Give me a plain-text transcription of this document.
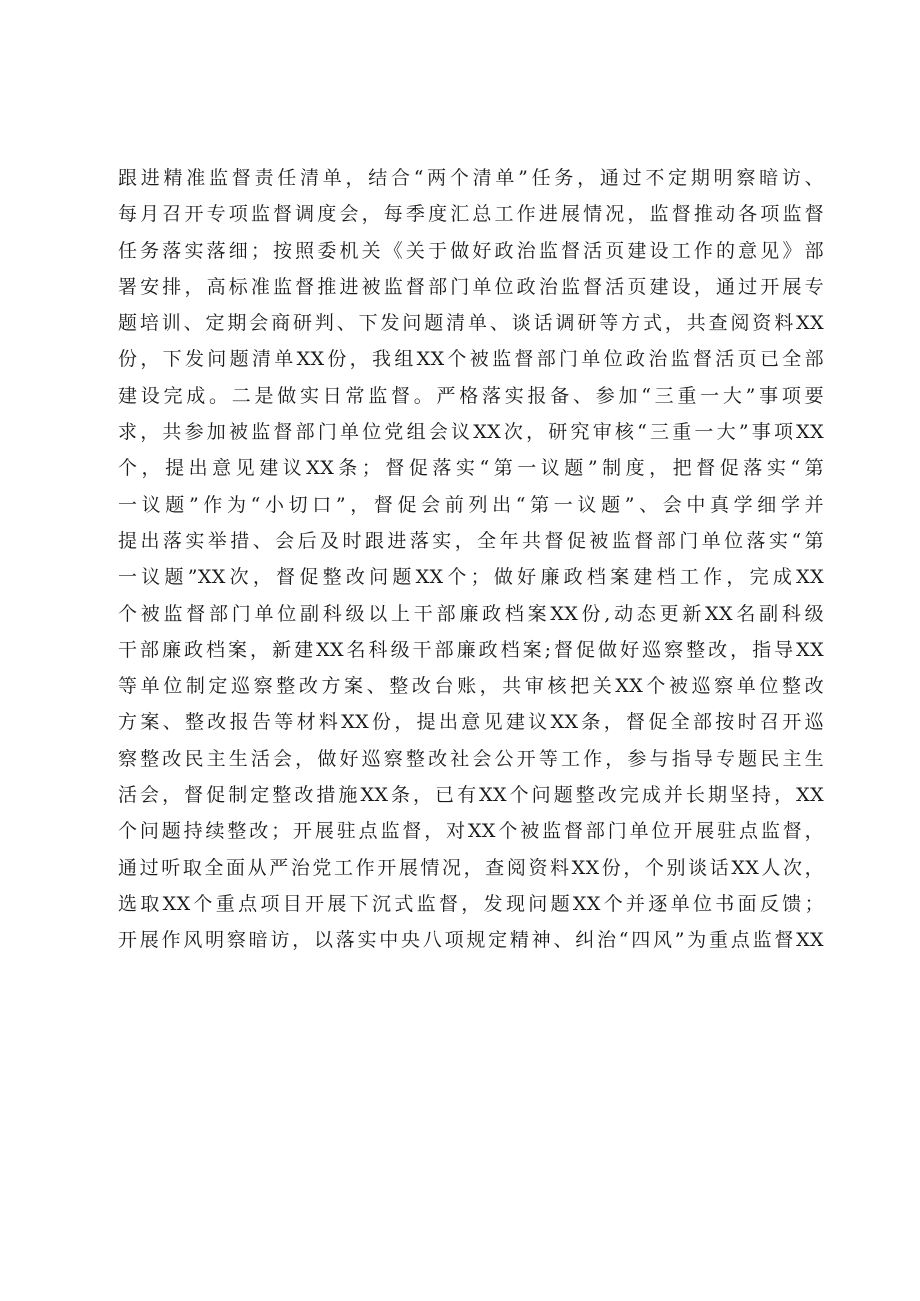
跟进精准监督责任清单，结合“两个清单”任务，通过不定期明察暗访、
每月召开专项监督调度会，每季度汇总工作进展情况，监督推动各项监督
任务落实落细；按照委机关《关于做好政治监督活页建设工作的意见》部
署安排，高标准监督推进被监督部门单位政治监督活页建设，通过开展专
题培训、定期会商研判、下发问题清单、谈话调研等方式，共查阅资料XX
份，下发问题清单XX份，我组XX个被监督部门单位政治监督活页已全部
建设完成。二是做实日常监督。严格落实报备、参加“三重一大”事项要
求，共参加被监督部门单位党组会议XX次，研究审核“三重一大”事项XX
个，提出意见建议XX条；督促落实“第一议题”制度，把督促落实“第
一议题”作为“小切口”，督促会前列出“第一议题”、会中真学细学并
提出落实举措、会后及时跟进落实，全年共督促被监督部门单位落实“第
一议题”XX次，督促整改问题XX个；做好廉政档案建档工作，完成XX
个被监督部门单位副科级以上干部廉政档案XX份,动态更新XX名副科级
干部廉政档案，新建XX名科级干部廉政档案;督促做好巡察整改，指导XX
等单位制定巡察整改方案、整改台账，共审核把关XX个被巡察单位整改
方案、整改报告等材料XX份，提出意见建议XX条，督促全部按时召开巡
察整改民主生活会，做好巡察整改社会公开等工作，参与指导专题民主生
活会，督促制定整改措施XX条，已有XX个问题整改完成并长期坚持，XX
个问题持续整改；开展驻点监督，对XX个被监督部门单位开展驻点监督，
通过听取全面从严治党工作开展情况，查阅资料XX份，个别谈话XX人次，
选取XX个重点项目开展下沉式监督，发现问题XX个并逐单位书面反馈；
开展作风明察暗访，以落实中央八项规定精神、纠治“四风”为重点监督XX
